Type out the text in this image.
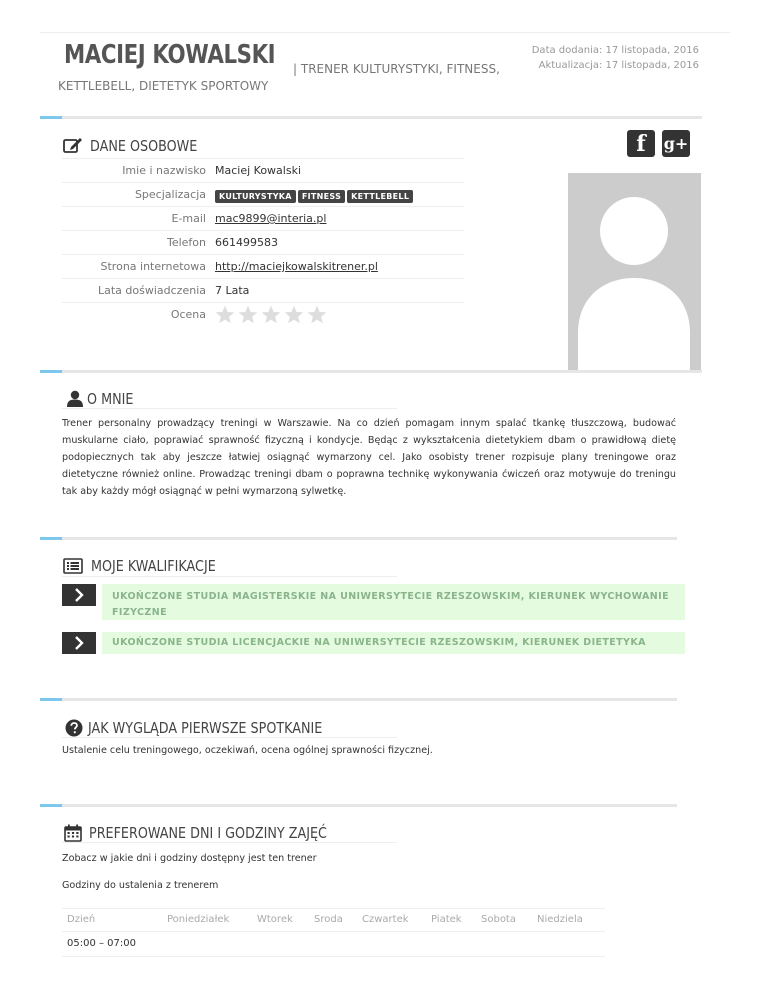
MACIEJ KOWALSKI | TRENER KULTURYSTYKI, FITNESS,
KETTLEBELL, DIETETYK SPORTOWY
Data dodania: 17 listopada, 2016
Aktualizacja: 17 listopada, 2016
DANE OSOBOWE
Imie i nazwisko Maciej Kowalski
Specjalizacja	KULTURYSTYKA FITNESS KETTLEBELL
E-mail mac9899@interia.pl
Telefon 661499583
Strona internetowa http://maciejkowalskitrener.pl
Lata doświadczenia 7 Lata
Ocena
f	g+
O MNIE
Trener personalny prowadzący treningi w Warszawie. Na co dzień pomagam innym spalać tkankę tłuszczową, budować muskularne ciało, poprawiać sprawność fizyczną i kondycje. Będąc z wykształcenia dietetykiem dbam o prawidłową dietę podopiecznych tak aby jeszcze łatwiej osiągnąć wymarzony cel. Jako osobisty trener rozpisuje plany treningowe oraz dietetyczne również online. Prowadząc treningi dbam o poprawna technikę wykonywania ćwiczeń oraz motywuje do treningu tak aby każdy mógł osiągnąć w pełni wymarzoną sylwetkę.
MOJE KWALIFIKACJE
UKOŃCZONE STUDIA MAGISTERSKIE NA UNIWERSYTECIE RZESZOWSKIM, KIERUNEK WYCHOWANIE FIZYCZNE
UKOŃCZONE STUDIA LICENCJACKIE NA UNIWERSYTECIE RZESZOWSKIM, KIERUNEK DIETETYKA
JAK WYGLĄDA PIERWSZE SPOTKANIE
Ustalenie celu treningowego, oczekiwań, ocena ogólnej sprawności fizycznej.
PREFEROWANE DNI I GODZINY ZAJĘĆ
Zobacz w jakie dni i godziny dostępny jest ten trener
Godziny do ustalenia z trenerem
Dzień	Poniedziałek	Wtorek Sroda Czwartek Piatek Sobota Niedziela
05:00 – 07:00
